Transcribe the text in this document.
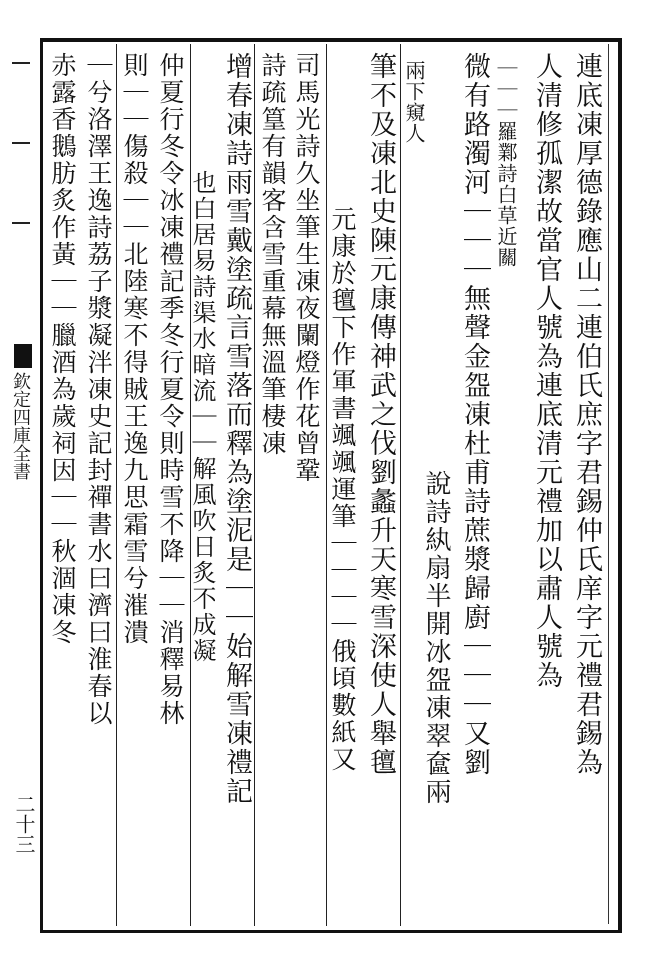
連底凍厚德錄應山二連伯氏庶字君錫仲氏庠字元禮君錫為
人清修孤潔故當官人號為連底清元禮加以肅人號為
｜｜｜羅鄴詩白草近關
微有路濁河｜｜｜無聲金盌凍杜甫詩蔗漿歸廚｜｜｜又劉
說詩紈扇半開冰盌凍翠奩兩
兩下窺人
筆不及凍北史陳元康傳神武之伐劉蠡升天寒雪深使人舉氊
元康於氊下作軍書颯颯運筆｜｜｜｜俄頃數紙又
司馬光詩久坐筆生凍夜闌燈作花曾鞏
詩疏篁有韻客含雪重幕無溫筆棲凍
增春凍詩雨雪戴塗疏言雪落而釋為塗泥是｜｜始解雪凍禮記
也白居易詩渠水暗流｜｜解風吹日炙不成凝
仲夏行冬令冰凍禮記季冬行夏令則時雪不降｜｜消釋易林
則｜｜傷殺｜｜北陸寒不得賊王逸九思霜雪兮漼潰
｜兮洛澤王逸詩荔子漿凝泮凍史記封禪書水曰濟曰淮春以
赤露香鵝肪炙作黃｜｜臘酒為歲祠因｜｜秋涸凍冬
欽定四庫全書
二十三
